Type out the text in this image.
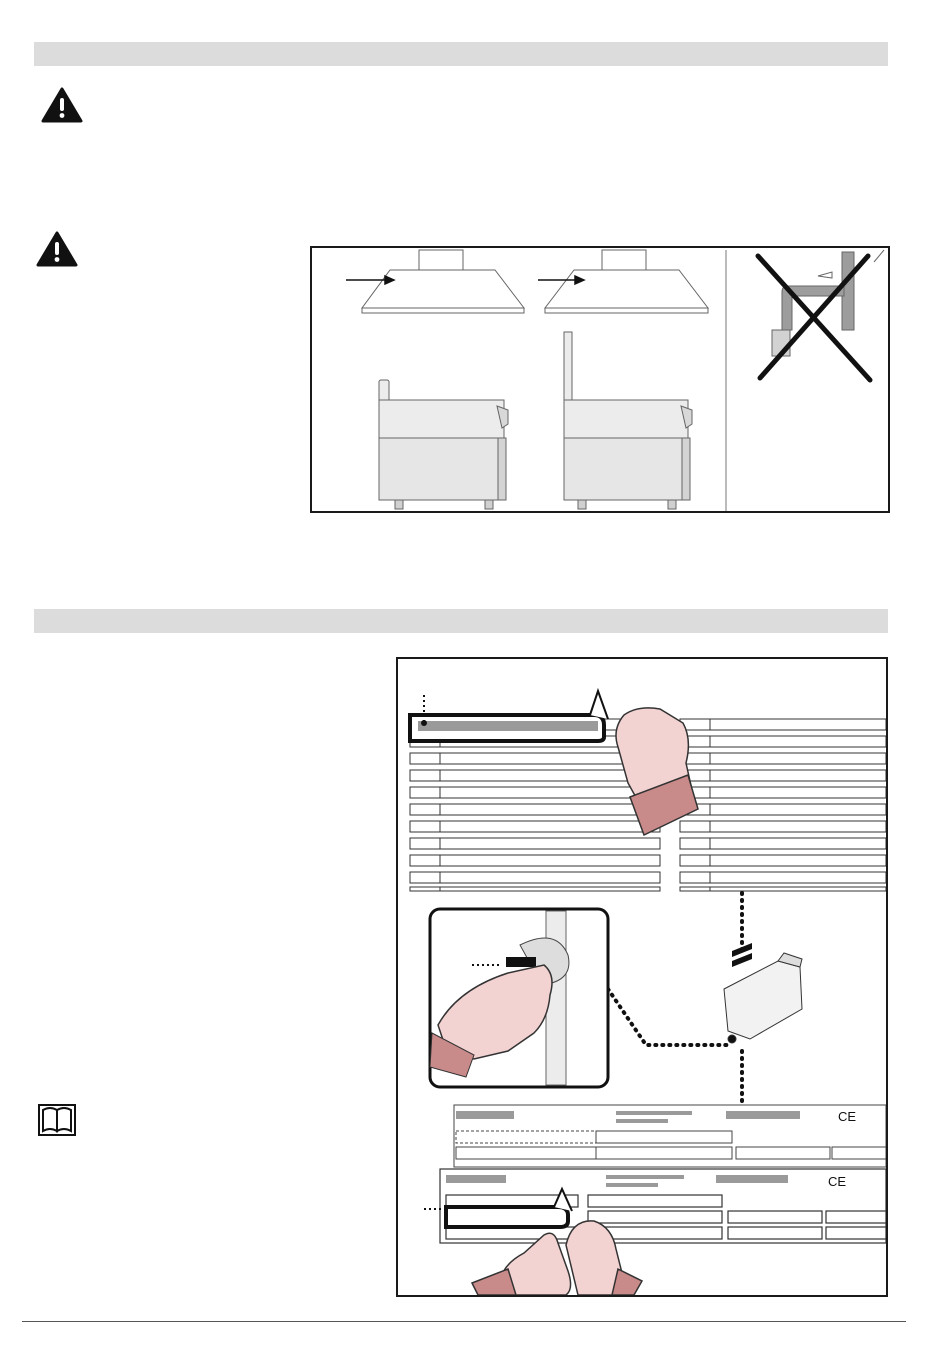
CE
CE
